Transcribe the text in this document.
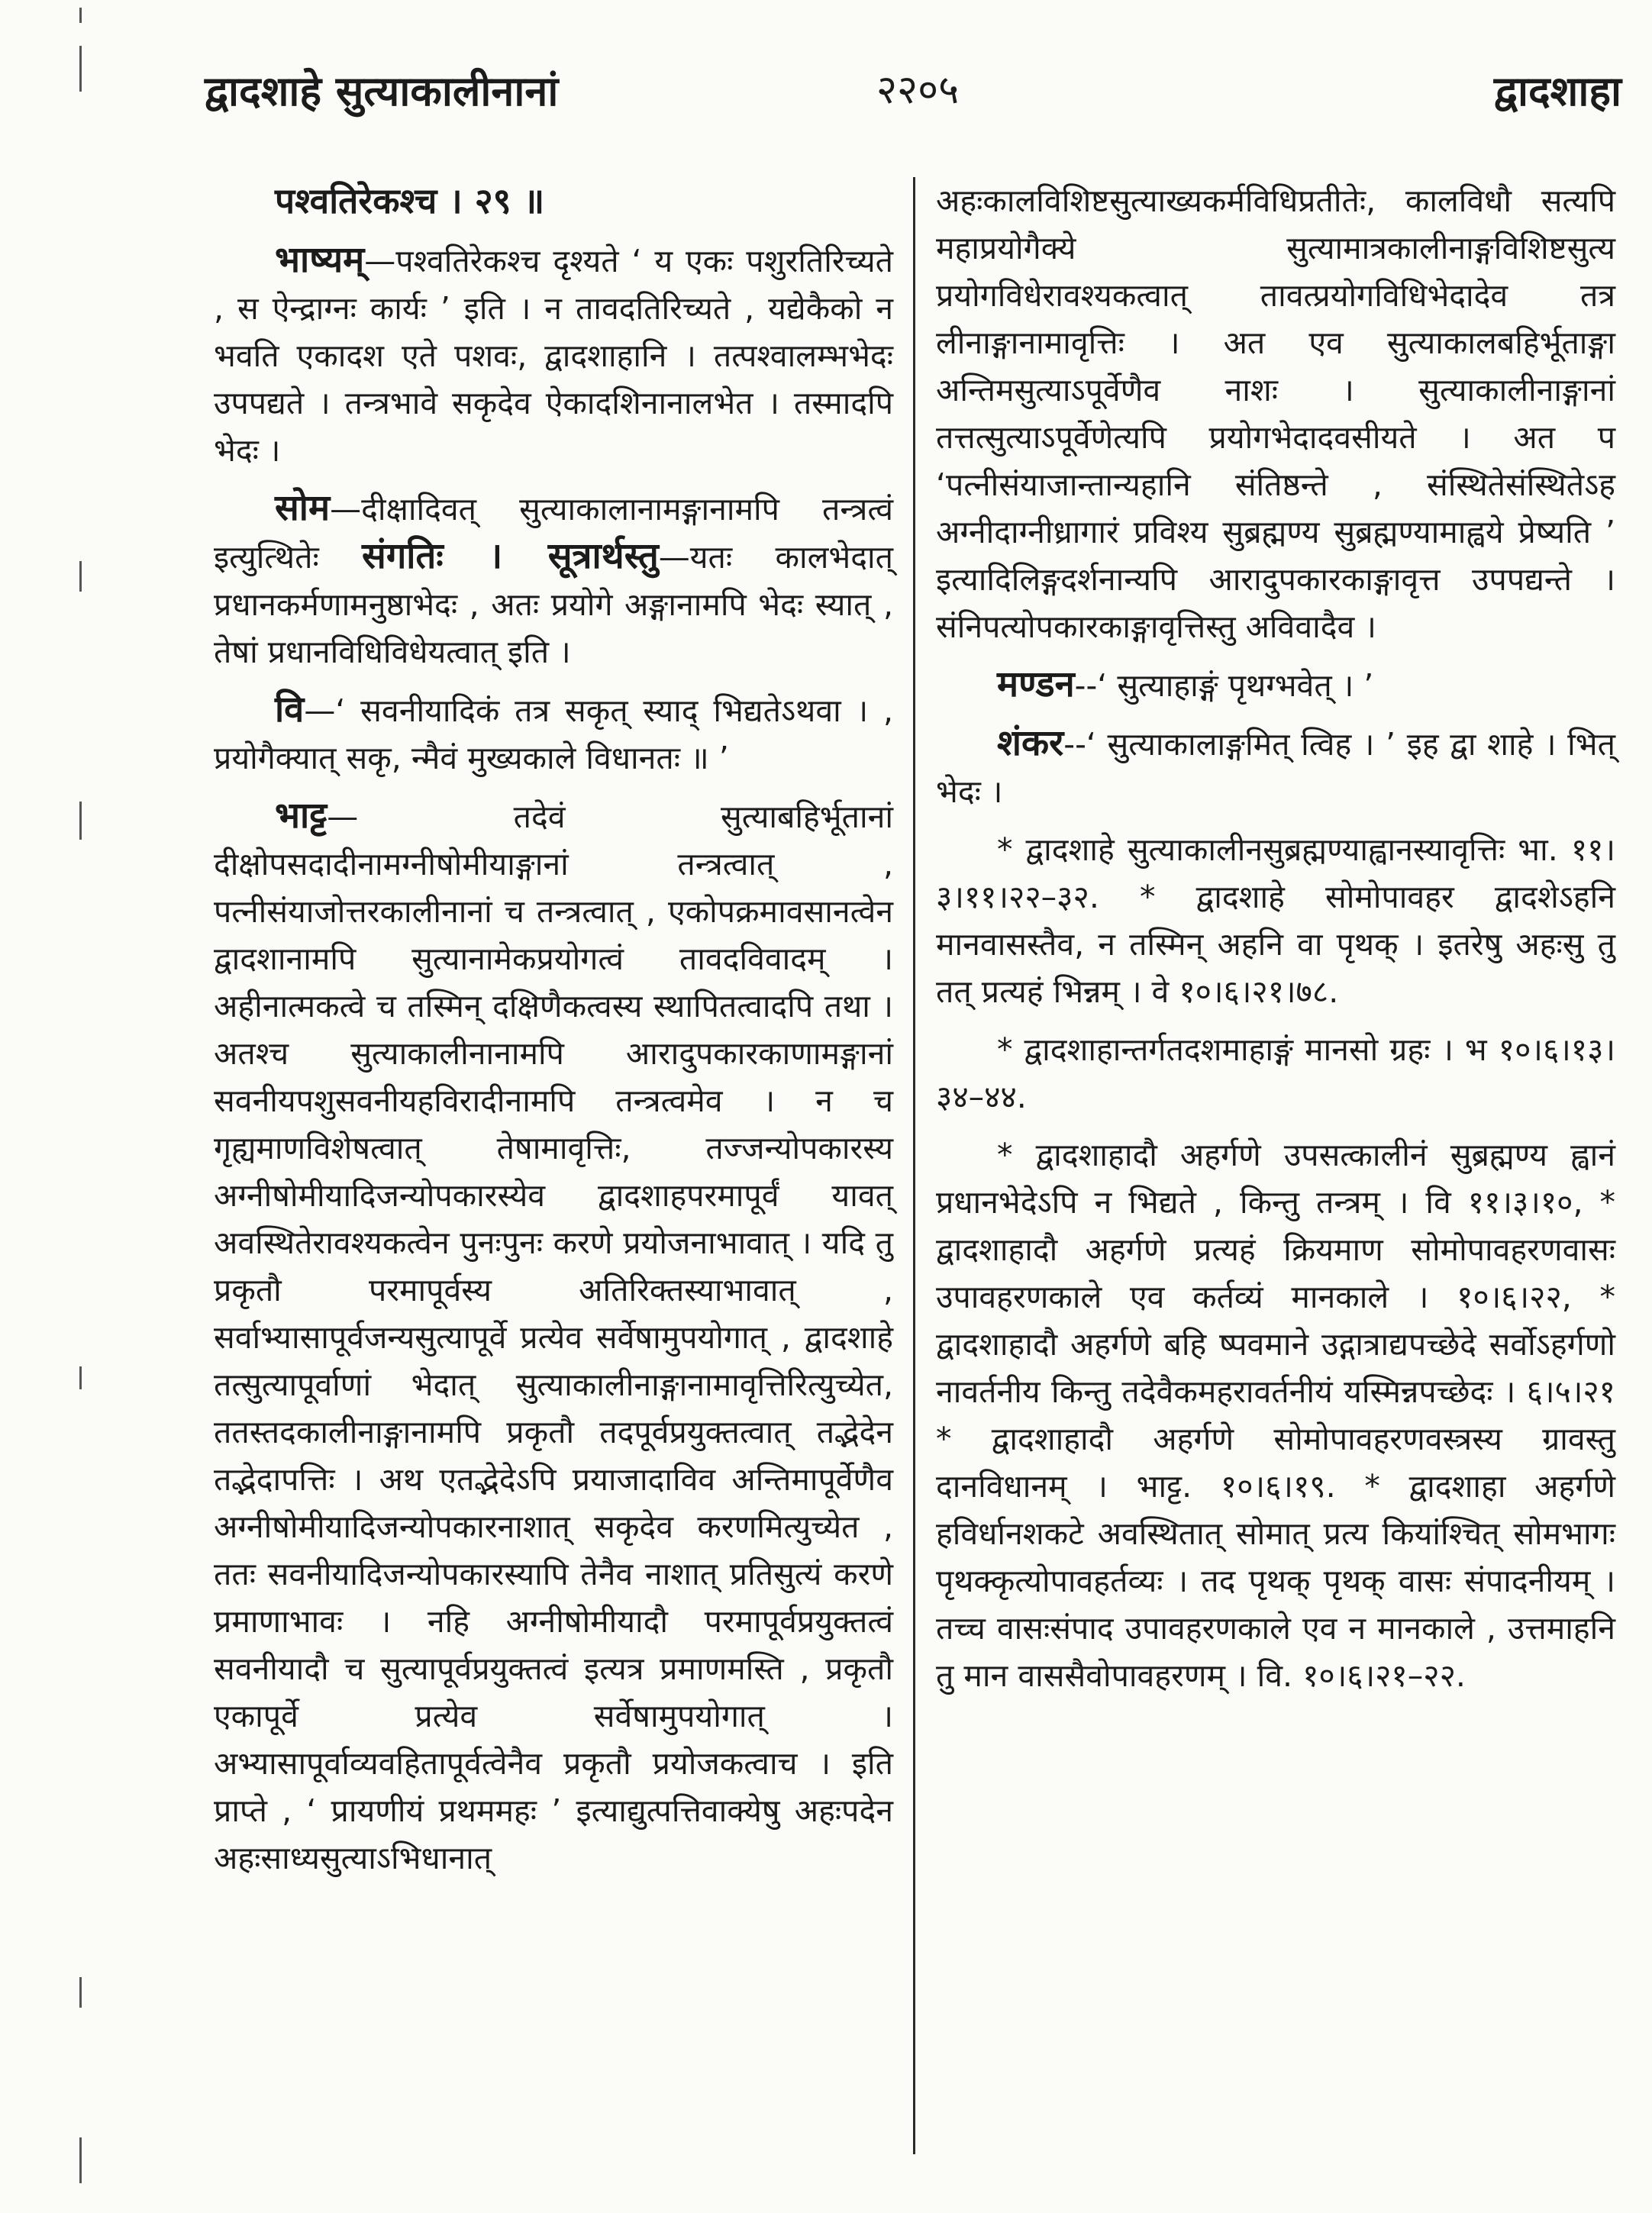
द्वादशाहे सुत्याकालीनानां	२२०५	द्वादशाहा

पश्वतिरेकश्च । २९ ॥

भाष्यम्—पश्वतिरेकश्च दृश्यते ‘ य एकः पशुरतिरिच्यते , स ऐन्द्राग्नः कार्यः ’ इति । न तावदतिरिच्यते , यद्येकैको न भवति एकादश एते पशवः, द्वादशाहानि । तत्पश्वालम्भभेदः उपपद्यते । तन्त्रभावे सकृदेव ऐकादशिनानालभेत । तस्मादपि भेदः ।

सोम—दीक्षादिवत् सुत्याकालानामङ्गानामपि तन्त्रत्वं इत्युत्थितेः संगतिः । सूत्रार्थस्तु—यतः कालभेदात् प्रधानकर्मणामनुष्ठाभेदः , अतः प्रयोगे अङ्गानामपि भेदः स्यात् , तेषां प्रधानविधिविधेयत्वात् इति ।

वि—‘ सवनीयादिकं तत्र सकृत् स्याद् भिद्यतेऽथवा । , प्रयोगैक्यात् सकृ, न्मैवं मुख्यकाले विधानतः ॥ ’

भाट्ट— तदेवं सुत्याबहिर्भूतानां दीक्षोपसदादीनामग्नीषोमीयाङ्गानां तन्त्रत्वात् , पत्नीसंयाजोत्तरकालीनानां च तन्त्रत्वात् , एकोपक्रमावसानत्वेन द्वादशानामपि सुत्यानामेकप्रयोगत्वं तावदविवादम् । अहीनात्मकत्वे च तस्मिन् दक्षिणैकत्वस्य स्थापितत्वादपि तथा । अतश्च सुत्याकालीनानामपि आरादुपकारकाणामङ्गानां सवनीयपशुसवनीयहविरादीनामपि तन्त्रत्वमेव । न च गृह्यमाणविशेषत्वात् तेषामावृत्तिः, तज्जन्योपकारस्य अग्नीषोमीयादिजन्योपकारस्येव द्वादशाहपरमापूर्वं यावत् अवस्थितेरावश्यकत्वेन पुनःपुनः करणे प्रयोजनाभावात् । यदि तु प्रकृतौ परमापूर्वस्य अतिरिक्तस्याभावात् , सर्वाभ्यासापूर्वजन्यसुत्यापूर्वे प्रत्येव सर्वेषामुपयोगात् , द्वादशाहे तत्सुत्यापूर्वाणां भेदात् सुत्याकालीनाङ्गानामावृत्तिरित्युच्येत, ततस्तदकालीनाङ्गानामपि प्रकृतौ तदपूर्वप्रयुक्तत्वात् तद्भेदेन तद्भेदापत्तिः । अथ एतद्भेदेऽपि प्रयाजादाविव अन्तिमापूर्वेणैव अग्नीषोमीयादिजन्योपकारनाशात् सकृदेव करणमित्युच्येत , ततः सवनीयादिजन्योपकारस्यापि तेनैव नाशात् प्रतिसुत्यं करणे प्रमाणाभावः । नहि अग्नीषोमीयादौ परमापूर्वप्रयुक्तत्वं सवनीयादौ च सुत्यापूर्वप्रयुक्तत्वं इत्यत्र प्रमाणमस्ति , प्रकृतौ एकापूर्वे प्रत्येव सर्वेषामुपयोगात् । अभ्यासापूर्वाव्यवहितापूर्वत्वेनैव प्रकृतौ प्रयोजकत्वाच । इति प्राप्ते , ‘ प्रायणीयं प्रथममहः ’ इत्याद्युत्पत्तिवाक्येषु अहःपदेन अहःसाध्यसुत्याऽभिधानात्

अहःकालविशिष्टसुत्याख्यकर्मविधिप्रतीतेः, कालविधौ सत्यपि महाप्रयोगैक्ये सुत्यामात्रकालीनाङ्गविशिष्टसुत्य प्रयोगविधेरावश्यकत्वात् तावत्प्रयोगविधिभेदादेव तत्र लीनाङ्गानामावृत्तिः । अत एव सुत्याकालबहिर्भूताङ्गा अन्तिमसुत्याऽपूर्वेणैव नाशः । सुत्याकालीनाङ्गानां तत्तत्सुत्याऽपूर्वेणेत्यपि प्रयोगभेदादवसीयते । अत प ‘पत्नीसंयाजान्तान्यहानि संतिष्ठन्ते , संस्थितेसंस्थितेऽह अग्नीदाग्नीध्रागारं प्रविश्य सुब्रह्मण्य सुब्रह्मण्यामाह्वये प्रेष्यति ’ इत्यादिलिङ्गदर्शनान्यपि आरादुपकारकाङ्गावृत्त उपपद्यन्ते । संनिपत्योपकारकाङ्गावृत्तिस्तु अविवादैव ।

मण्डन--‘ सुत्याहाङ्गं पृथग्भवेत् । ’

शंकर--‘ सुत्याकालाङ्गमित् त्विह । ’ इह द्वा शाहे । भित् भेदः ।

* द्वादशाहे सुत्याकालीनसुब्रह्मण्याह्वानस्यावृत्तिः भा. ११।३।११।२२–३२. * द्वादशाहे सोमोपावहर द्वादशेऽहनि मानवासस्तैव, न तस्मिन् अहनि वा पृथक् । इतरेषु अहःसु तु तत् प्रत्यहं भिन्नम् । वे १०।६।२१।७८.

* द्वादशाहान्तर्गतदशमाहाङ्गं मानसो ग्रहः । भ १०।६।१३।३४–४४.

* द्वादशाहादौ अहर्गणे उपसत्कालीनं सुब्रह्मण्य ह्वानं प्रधानभेदेऽपि न भिद्यते , किन्तु तन्त्रम् । वि ११।३।१०, * द्वादशाहादौ अहर्गणे प्रत्यहं क्रियमाण सोमोपावहरणवासः उपावहरणकाले एव कर्तव्यं मानकाले । १०।६।२२, * द्वादशाहादौ अहर्गणे बहि ष्पवमाने उद्गात्राद्यपच्छेदे सर्वोऽहर्गणो नावर्तनीय किन्तु तदेवैकमहरावर्तनीयं यस्मिन्नपच्छेदः । ६।५।२१ * द्वादशाहादौ अहर्गणे सोमोपावहरणवस्त्रस्य ग्रावस्तु दानविधानम् । भाट्ट. १०।६।१९. * द्वादशाहा अहर्गणे हविर्धानशकटे अवस्थितात् सोमात् प्रत्य कियांश्चित् सोमभागः पृथक्कृत्योपावहर्तव्यः । तद पृथक् पृथक् वासः संपादनीयम् । तच्च वासःसंपाद उपावहरणकाले एव न मानकाले , उत्तमाहनि तु मान वाससैवोपावहरणम् । वि. १०।६।२१–२२.
